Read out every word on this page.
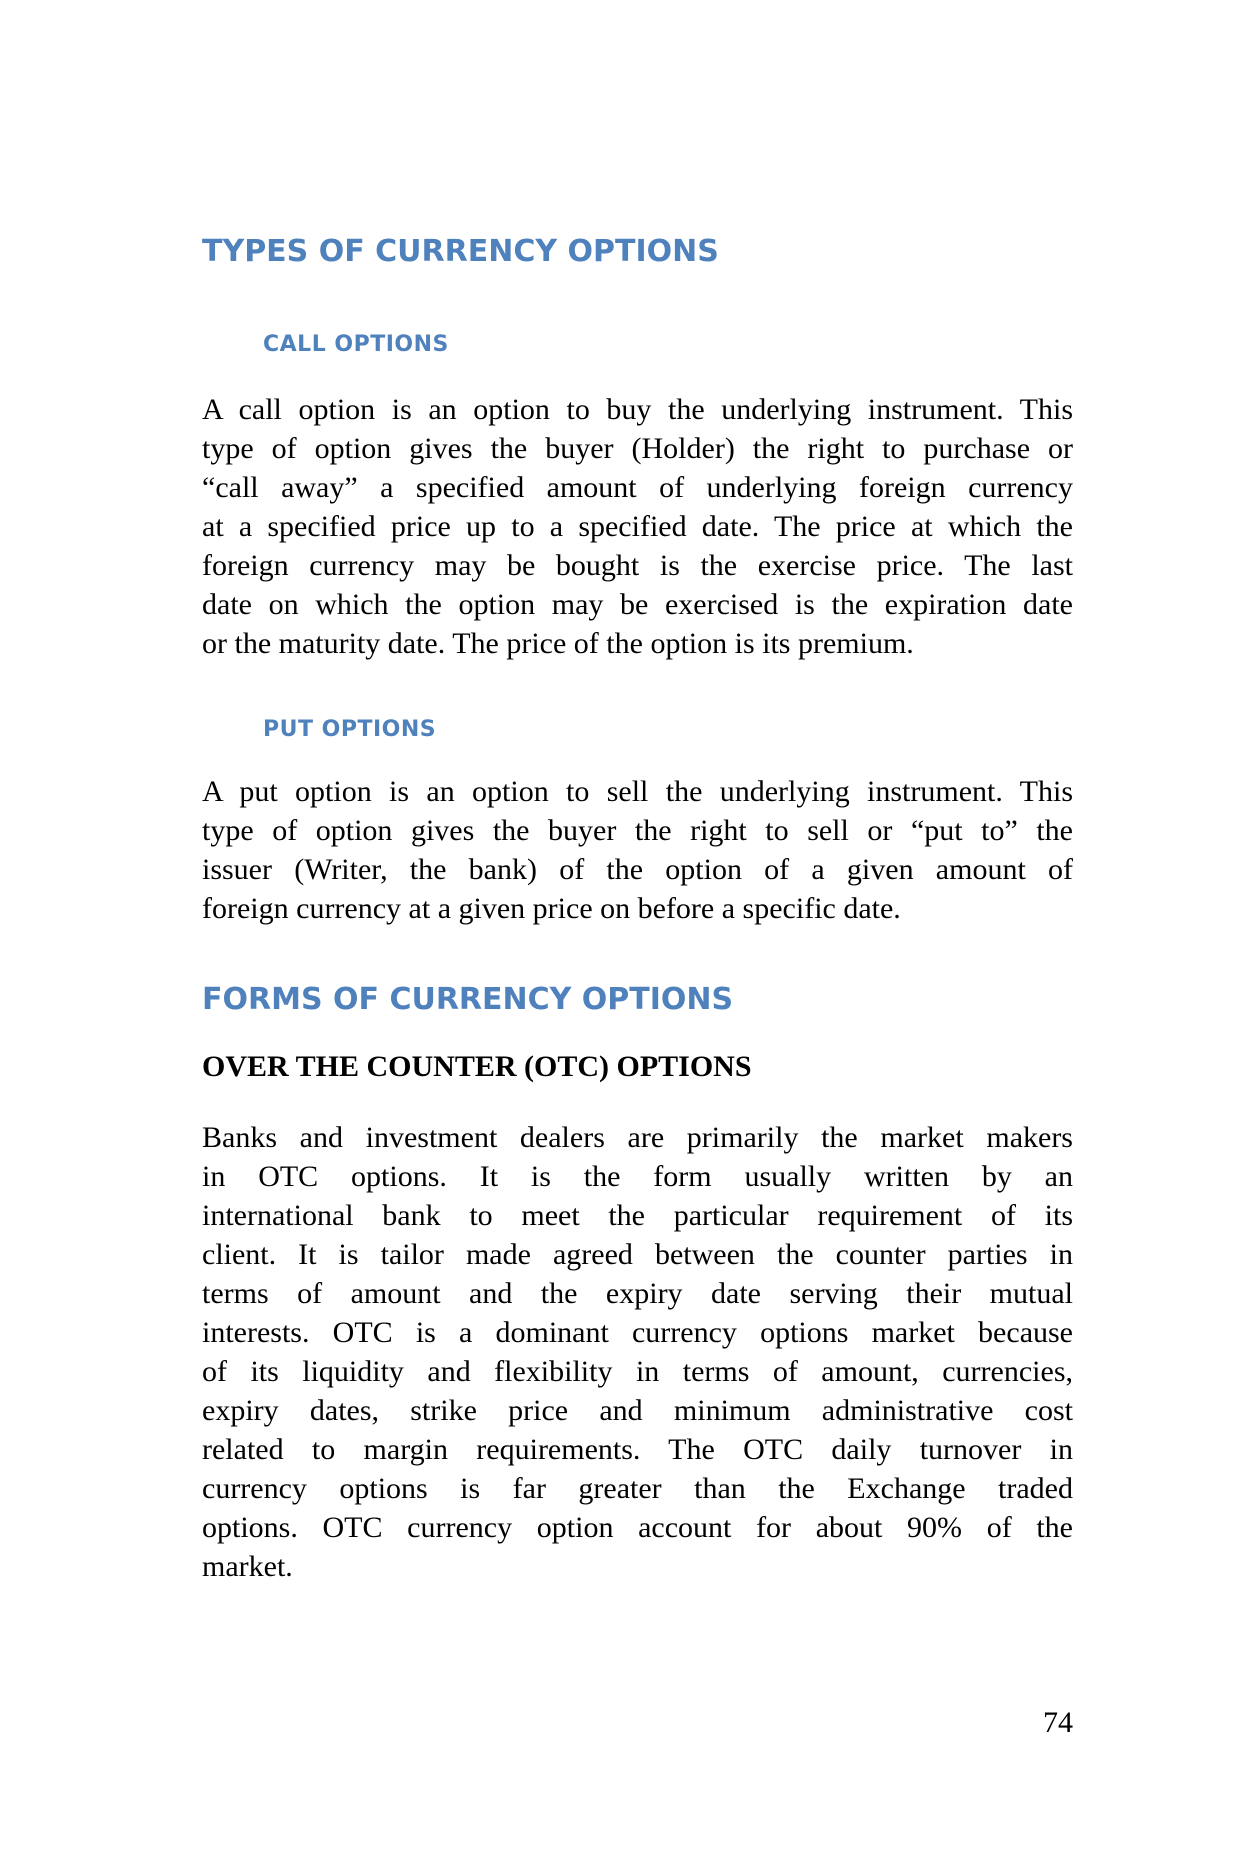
TYPES OF CURRENCY OPTIONS
CALL OPTIONS
A call option is an option to buy the underlying instrument. This
type of option gives the buyer (Holder) the right to purchase or
“call away” a specified amount of underlying foreign currency
at a specified price up to a specified date. The price at which the
foreign currency may be bought is the exercise price. The last
date on which the option may be exercised is the expiration date
or the maturity date. The price of the option is its premium.
PUT OPTIONS
A put option is an option to sell the underlying instrument. This
type of option gives the buyer the right to sell or “put to” the
issuer (Writer, the bank) of the option of a given amount of
foreign currency at a given price on before a specific date.
FORMS OF CURRENCY OPTIONS
OVER THE COUNTER (OTC) OPTIONS
Banks and investment dealers are primarily the market makers
in OTC options. It is the form usually written by an
international bank to meet the particular requirement of its
client. It is tailor made agreed between the counter parties in
terms of amount and the expiry date serving their mutual
interests. OTC is a dominant currency options market because
of its liquidity and flexibility in terms of amount, currencies,
expiry dates, strike price and minimum administrative cost
related to margin requirements. The OTC daily turnover in
currency options is far greater than the Exchange traded
options. OTC currency option account for about 90% of the
market.

74
